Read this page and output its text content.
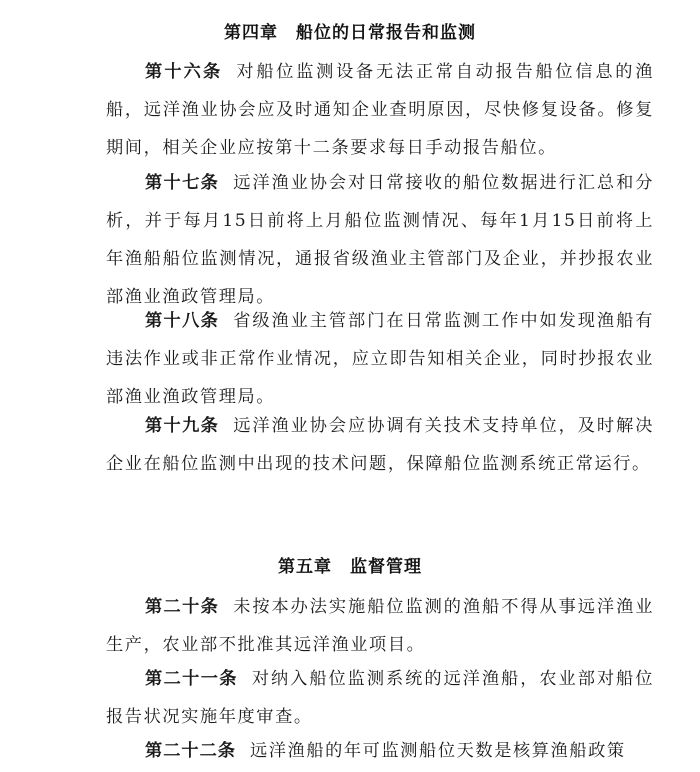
第四章 船位的日常报告和监测

第十六条 对船位监测设备无法正常自动报告船位信息的渔船，远洋渔业协会应及时通知企业查明原因，尽快修复设备。修复期间，相关企业应按第十二条要求每日手动报告船位。

第十七条 远洋渔业协会对日常接收的船位数据进行汇总和分析，并于每月15日前将上月船位监测情况、每年1月15日前将上年渔船船位监测情况，通报省级渔业主管部门及企业，并抄报农业部渔业渔政管理局。

第十八条 省级渔业主管部门在日常监测工作中如发现渔船有违法作业或非正常作业情况，应立即告知相关企业，同时抄报农业部渔业渔政管理局。

第十九条 远洋渔业协会应协调有关技术支持单位，及时解决企业在船位监测中出现的技术问题，保障船位监测系统正常运行。

第五章 监督管理

第二十条 未按本办法实施船位监测的渔船不得从事远洋渔业生产，农业部不批准其远洋渔业项目。

第二十一条 对纳入船位监测系统的远洋渔船，农业部对船位报告状况实施年度审查。

第二十二条 远洋渔船的年可监测船位天数是核算渔船政策
